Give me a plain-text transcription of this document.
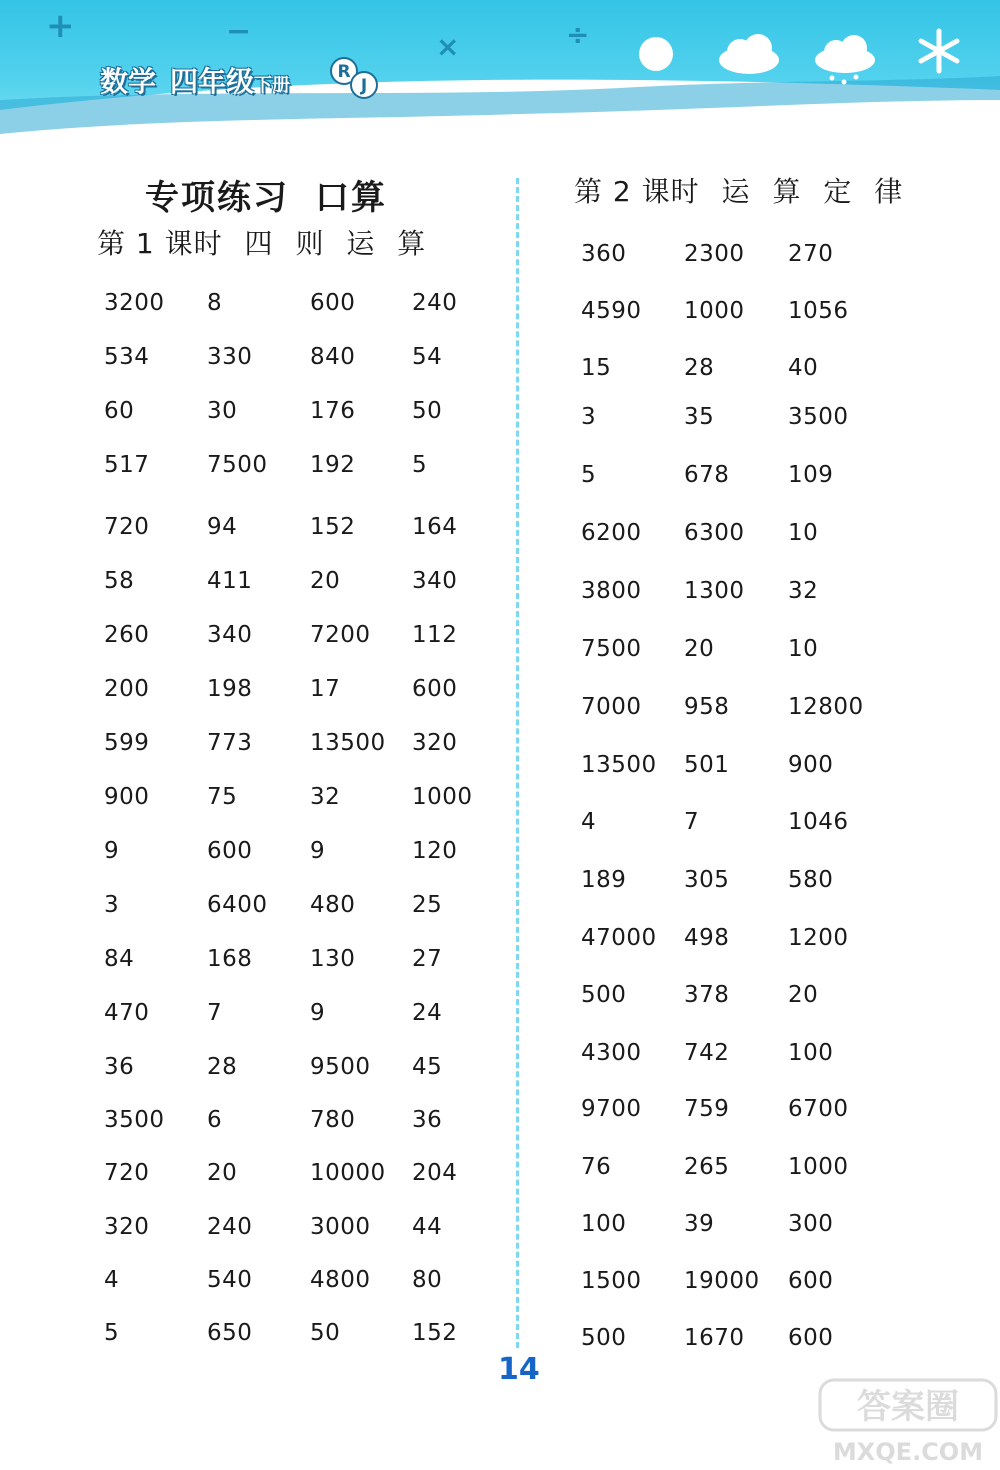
+	−	×	÷
数学 四年级下册
R
J
专项练习 口算
第 1 课时 四 则 运 算
第 2 课时 运 算 定 律
3200 8	600 240
534	330	840 54
60	30	176 50
517	7500 192 5
720	94	152 164
58	411	20	340
260	340	7200 112
200	198	17	600
599	773	13500 320
900	75	32	1000
9	600	9	120
3	6400 480 25
84	168	130 27
470	7	9	24
36	28	9500 45
3500 6	780 36
720	20	10000 204
320	240	3000 44
4	540	4800 80
5	650	50	152
360	2300 270
4590 1000 1056
15	28	40
3	35	3500
5	678	109
6200 6300 10
3800 1300 32
7500 20	10
7000 958	12800
13500 501	900
4	7	1046
189	305	580
47000 498	1200
500	378	20
4300 742	100
9700 759	6700
76	265	1000
100	39	300
1500 19000 600
500	1670 600
14
答案圈
MXQE.COM
